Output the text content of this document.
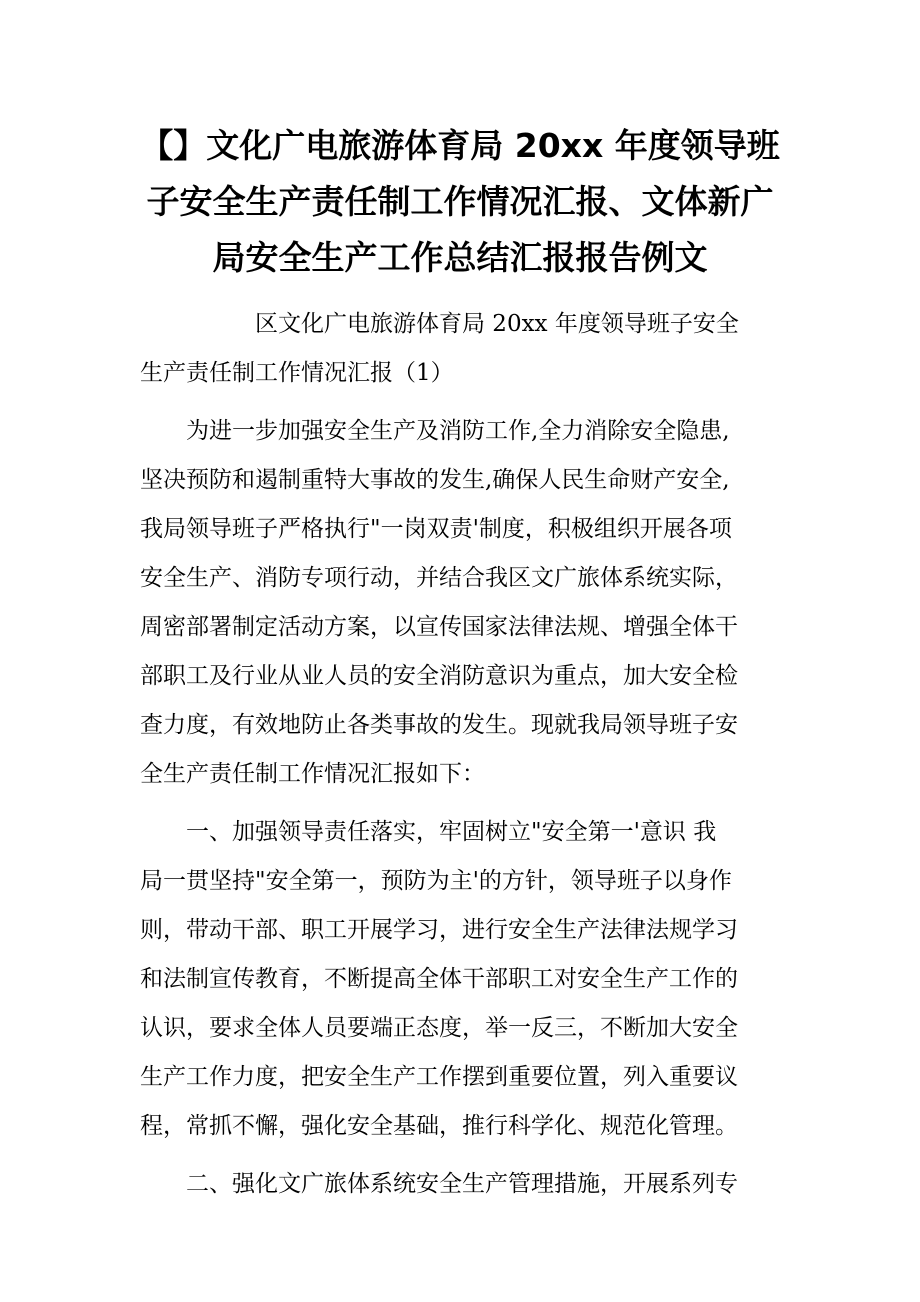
【】文化广电旅游体育局 20xx 年度领导班
子安全生产责任制工作情况汇报、文体新广
局安全生产工作总结汇报报告例文
区文化广电旅游体育局 20xx 年度领导班子安全
生产责任制工作情况汇报（1）
为进一步加强安全生产及消防工作,全力消除安全隐患,
坚决预防和遏制重特大事故的发生,确保人民生命财产安全,
我局领导班子严格执行"一岗双责'制度，积极组织开展各项
安全生产、消防专项行动，并结合我区文广旅体系统实际，
周密部署制定活动方案，以宣传国家法律法规、增强全体干
部职工及行业从业人员的安全消防意识为重点，加大安全检
查力度，有效地防止各类事故的发生。现就我局领导班子安
全生产责任制工作情况汇报如下：
一、加强领导责任落实，牢固树立"安全第一'意识 我
局一贯坚持"安全第一，预防为主'的方针，领导班子以身作
则，带动干部、职工开展学习，进行安全生产法律法规学习
和法制宣传教育，不断提高全体干部职工对安全生产工作的
认识，要求全体人员要端正态度，举一反三，不断加大安全
生产工作力度，把安全生产工作摆到重要位置，列入重要议
程，常抓不懈，强化安全基础，推行科学化、规范化管理。
二、强化文广旅体系统安全生产管理措施，开展系列专
